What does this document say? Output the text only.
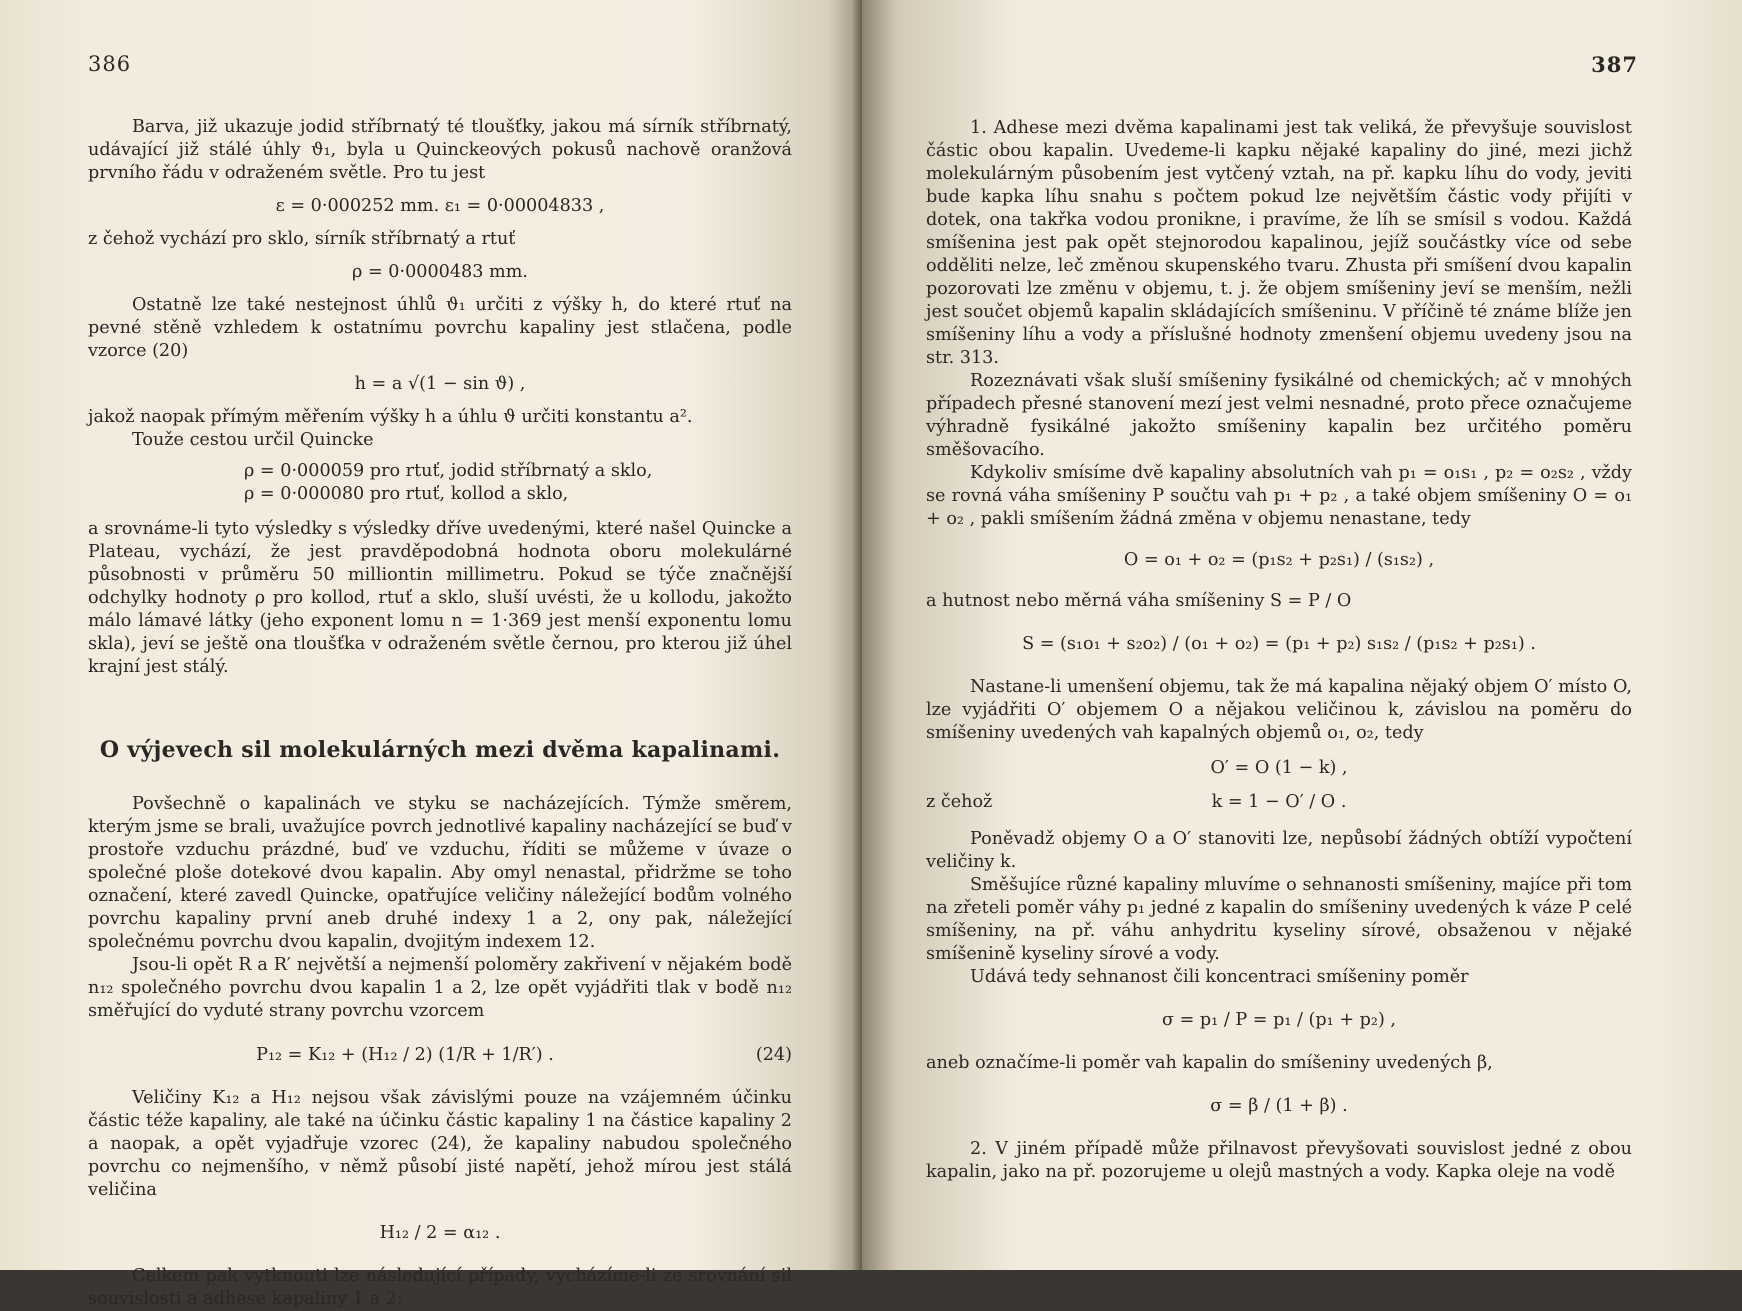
386

Barva, již ukazuje jodid stříbrnatý té tloušťky, jakou má sírník stříbrnatý, udávající již stálé úhly ϑ₁, byla u Quinckeových pokusů nachově oranžová prvního řádu v odraženém světle. Pro tu jest

ε = 0·000252 mm. ε₁ = 0·00004833 ,

z čehož vychází pro sklo, sírník stříbrnatý a rtuť

ρ = 0·0000483 mm.

Ostatně lze také nestejnost úhlů ϑ₁ určiti z výšky h, do které rtuť na pevné stěně vzhledem k ostatnímu povrchu kapaliny jest stlačena, podle vzorce (20)

h = a √(1 − sin ϑ) ,

jakož naopak přímým měřením výšky h a úhlu ϑ určiti konstantu a².

Touže cestou určil Quincke

ρ = 0·000059 pro rtuť, jodid stříbrnatý a sklo,
ρ = 0·000080 pro rtuť, kollod a sklo,

a srovnáme-li tyto výsledky s výsledky dříve uvedenými, které našel Quincke a Plateau, vychází, že jest pravděpodobná hodnota oboru molekulárné působnosti v průměru 50 milliontin millimetru. Pokud se týče značnější odchylky hodnoty ρ pro kollod, rtuť a sklo, sluší uvésti, že u kollodu, jakožto málo lámavé látky (jeho exponent lomu n = 1·369 jest menší exponentu lomu skla), jeví se ještě ona tloušťka v odraženém světle černou, pro kterou již úhel krajní jest stálý.

O výjevech sil molekulárných mezi dvěma kapalinami.

Povšechně o kapalinách ve styku se nacházejících. Týmže směrem, kterým jsme se brali, uvažujíce povrch jednotlivé kapaliny nacházející se buď v prostoře vzduchu prázdné, buď ve vzduchu, říditi se můžeme v úvaze o společné ploše dotekové dvou kapalin. Aby omyl nenastal, přidržme se toho označení, které zavedl Quincke, opatřujíce veličiny náležející bodům volného povrchu kapaliny první aneb druhé indexy 1 a 2, ony pak, náležející společnému povrchu dvou kapalin, dvojitým indexem 12.

Jsou-li opět R a R′ největší a nejmenší poloměry zakřivení v nějakém bodě n₁₂ společného povrchu dvou kapalin 1 a 2, lze opět vyjádřiti tlak v bodě n₁₂ směřující do vyduté strany povrchu vzorcem

P₁₂ = K₁₂ + (H₁₂ / 2) (1/R + 1/R′) .	(24)

Veličiny K₁₂ a H₁₂ nejsou však závislými pouze na vzájemném účinku částic téže kapaliny, ale také na účinku částic kapaliny 1 na částice kapaliny 2 a naopak, a opět vyjadřuje vzorec (24), že kapaliny nabudou společného povrchu co nejmenšího, v němž působí jisté napětí, jehož mírou jest stálá veličina

H₁₂ / 2 = α₁₂ .

Celkem pak vytknouti lze následující případy, vycházíme-li ze srovnání sil souvislosti a adhese kapaliny 1 a 2:

387

1. Adhese mezi dvěma kapalinami jest tak veliká, že převyšuje souvislost částic obou kapalin. Uvedeme-li kapku nějaké kapaliny do jiné, mezi jichž molekulárným působením jest vytčený vztah, na př. kapku líhu do vody, jeviti bude kapka líhu snahu s počtem pokud lze největším částic vody přijíti v dotek, ona takřka vodou pronikne, i pravíme, že líh se smísil s vodou. Každá smíšenina jest pak opět stejnorodou kapalinou, jejíž součástky více od sebe odděliti nelze, leč změnou skupenského tvaru. Zhusta při smíšení dvou kapalin pozorovati lze změnu v objemu, t. j. že objem smíšeniny jeví se menším, nežli jest součet objemů kapalin skládajících smíšeninu. V příčině té známe blíže jen smíšeniny líhu a vody a příslušné hodnoty zmenšení objemu uvedeny jsou na str. 313.

Rozeznávati však sluší smíšeniny fysikálné od chemických; ač v mnohých případech přesné stanovení mezí jest velmi nesnadné, proto přece označujeme výhradně fysikálné jakožto smíšeniny kapalin bez určitého poměru směšovacího.

Kdykoliv smísíme dvě kapaliny absolutních vah p₁ = o₁s₁ , p₂ = o₂s₂ , vždy se rovná váha smíšeniny P součtu vah p₁ + p₂ , a také objem smíšeniny O = o₁ + o₂ , pakli smíšením žádná změna v objemu nenastane, tedy

O = o₁ + o₂ = (p₁s₂ + p₂s₁) / (s₁s₂) ,

a hutnost nebo měrná váha smíšeniny S = P / O

S = (s₁o₁ + s₂o₂) / (o₁ + o₂) = (p₁ + p₂) s₁s₂ / (p₁s₂ + p₂s₁) .

Nastane-li umenšení objemu, tak že má kapalina nějaký objem O′ místo O, lze vyjádřiti O′ objemem O a nějakou veličinou k, závislou na poměru do smíšeniny uvedených vah kapalných objemů o₁, o₂, tedy

O′ = O (1 − k) ,
z čehož	k = 1 − O′ / O .

Poněvadž objemy O a O′ stanoviti lze, nepůsobí žádných obtíží vypočtení veličiny k.

Směšujíce různé kapaliny mluvíme o sehnanosti smíšeniny, majíce při tom na zřeteli poměr váhy p₁ jedné z kapalin do smíšeniny uvedených k váze P celé smíšeniny, na př. váhu anhydritu kyseliny sírové, obsaženou v nějaké smíšenině kyseliny sírové a vody.

Udává tedy sehnanost čili koncentraci smíšeniny poměr

σ = p₁ / P = p₁ / (p₁ + p₂) ,

aneb označíme-li poměr vah kapalin do smíšeniny uvedených β,

σ = β / (1 + β) .

2. V jiném případě může přilnavost převyšovati souvislost jedné z obou kapalin, jako na př. pozorujeme u olejů mastných a vody. Kapka oleje na vodě
